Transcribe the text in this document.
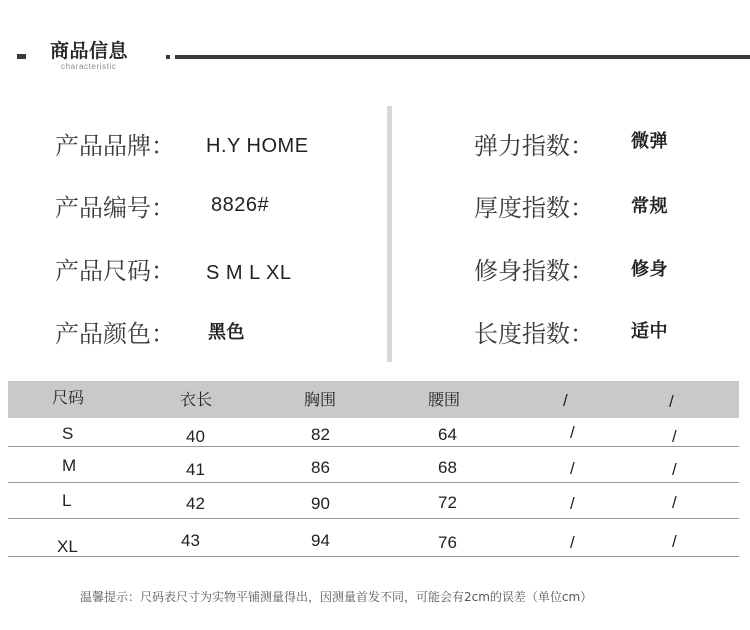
商品信息
characteristic
产品品牌： H.Y HOME
产品编号： 8826#
产品尺码： S M L XL
产品颜色： 黑色
弹力指数： 微弹
厚度指数： 常规
修身指数： 修身
长度指数： 适中
尺码	衣长	胸围	腰围	/	/
S	40	82	64	/	/
M	41	86	68	/	/
L	42	90	72	/	/
XL	43	94	76	/	/
温馨提示：尺码表尺寸为实物平铺测量得出，因测量首发不同，可能会有2cm的误差（单位cm）
